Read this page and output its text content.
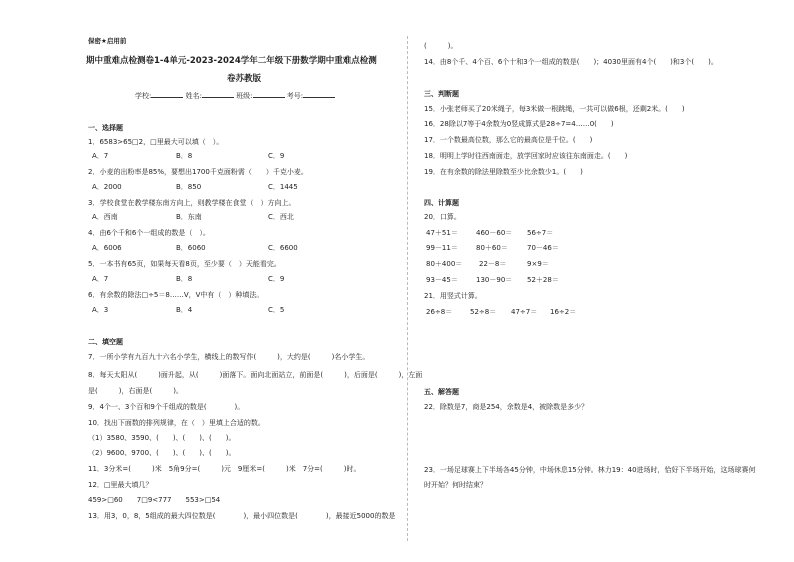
保密★启用前
期中重难点检测卷1-4单元-2023-2024学年二年级下册数学期中重难点检测
卷苏教版
学校:	姓名:	班级:	考号:
一、选择题
1．6583>65□2，□里最大可以填（　）。
A．7	B．8	C．9
2．小麦的出粉率是85%，要想出1700千克面粉需（　　）千克小麦。
A．2000	B．850	C．1445
3．学校食堂在教学楼东南方向上，则教学楼在食堂（　）方向上。
A．西南	B．东南	C．西北
4．由6个千和6个一组成的数是（　）。
A．6006	B．6060	C．6600
5．一本书有65页，如果每天看8页，至少要（　）天能看完。
A．7	B．8	C．9
6．有余数的除法□÷5＝8……V，V中有（　）种填法。
A．3	B．4	C．5
二、填空题
7．一所小学有九百九十六名小学生，横线上的数写作(　　　)，大约是(　　　)名小学生。
8．每天太阳从(　　　)面升起，从(　　　)面落下。面向北面站立，前面是(　　　)，后面是(　　　)，左面
是(　　　)，右面是(　　　)。
9．4个一、3个百和9个千组成的数是(　　　　)。
10．找出下面数的排列规律，在（　）里填上合适的数。
（1）3580、3590、(　　)、(　　)、(　　)。
（2）9600、9700、(　　)、(　　)、(　　)。
11．3分米=(　　　)米　5角9分=(　　　)元　9厘米=(　　　)米　7分=(　　　)时。
12．□里最大填几？
459>□60　　7□9<777　　553>□54
13．用3，0，8，5组成的最大四位数是(　　　　)，最小四位数是(　　　　)，最接近5000的数是
(　　　)。
14．由8个千、4个百、6个十和3个一组成的数是(　　)；4030里面有4个(　　)和3个(　　)。
三、判断题
15．小张老师买了20米绳子，每3米做一根跳绳，一共可以做6根，还剩2米。(　　)
16．28除以7等于4余数为0竖成算式是28÷7=4……0(　　)
17．一个数最高位数，那么它的最高位是千位。(　　)
18．明明上学时往西南面走，放学回家时应该往东南面走。(　　)
19．在有余数的除法里除数至少比余数少1。(　　)
四、计算题
20．口算。
47＋51＝	460－60＝ 56÷7＝
99－11＝	80＋60＝	70－46＝
80＋400＝ 22－8＝	9×9＝
93－45＝	130－90＝ 52＋28＝
21．用竖式计算。
26÷8＝	52÷8＝ 47÷7＝ 16÷2＝
五、解答题
22．除数是7，商是254，余数是4，被除数是多少？
23．一场足球赛上下半场各45分钟，中场休息15分钟。林力19：40进场时，恰好下半场开始，这场球赛何
时开始？何时结束？
